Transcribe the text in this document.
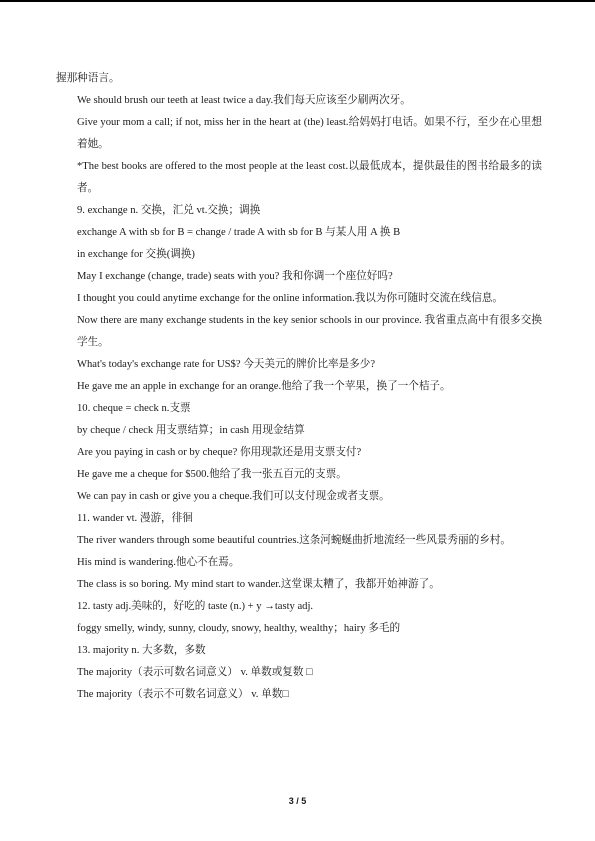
握那种语言。
We should brush our teeth at least twice a day.我们每天应该至少刷两次牙。
Give your mom a call; if not, miss her in the heart at (the) least.给妈妈打电话。如果不行，至少在心里想着她。
*The best books are offered to the most people at the least cost.以最低成本，提供最佳的图书给最多的读者。
9. exchange n. 交换，汇兑 vt.交换；调换
exchange A with sb for B = change / trade A with sb for B 与某人用 A 换 B
in exchange for 交换(调换)
May I exchange (change, trade) seats with you? 我和你调一个座位好吗?
I thought you could anytime exchange for the online information.我以为你可随时交流在线信息。
Now there are many exchange students in the key senior schools in our province. 我省重点高中有很多交换学生。
What's today's exchange rate for US$? 今天美元的牌价比率是多少?
He gave me an apple in exchange for an orange.他给了我一个苹果，换了一个桔子。
10. cheque = check n.支票
by cheque / check 用支票结算；in cash 用现金结算
Are you paying in cash or by cheque? 你用现款还是用支票支付?
He gave me a cheque for $500.他给了我一张五百元的支票。
We can pay in cash or give you a cheque.我们可以支付现金或者支票。
11. wander vt. 漫游，徘徊
The river wanders through some beautiful countries.这条河蜿蜒曲折地流经一些风景秀丽的乡村。
His mind is wandering.他心不在焉。
The class is so boring. My mind start to wander.这堂课太糟了，我都开始神游了。
12. tasty adj.美味的，好吃的 taste (n.) + y →tasty adj.
foggy smelly, windy, sunny, cloudy, snowy, healthy, wealthy；hairy 多毛的
13. majority n. 大多数，多数
The majority（表示可数名词意义） v. 单数或复数 □
The majority（表示不可数名词意义） v. 单数□
3 / 5
